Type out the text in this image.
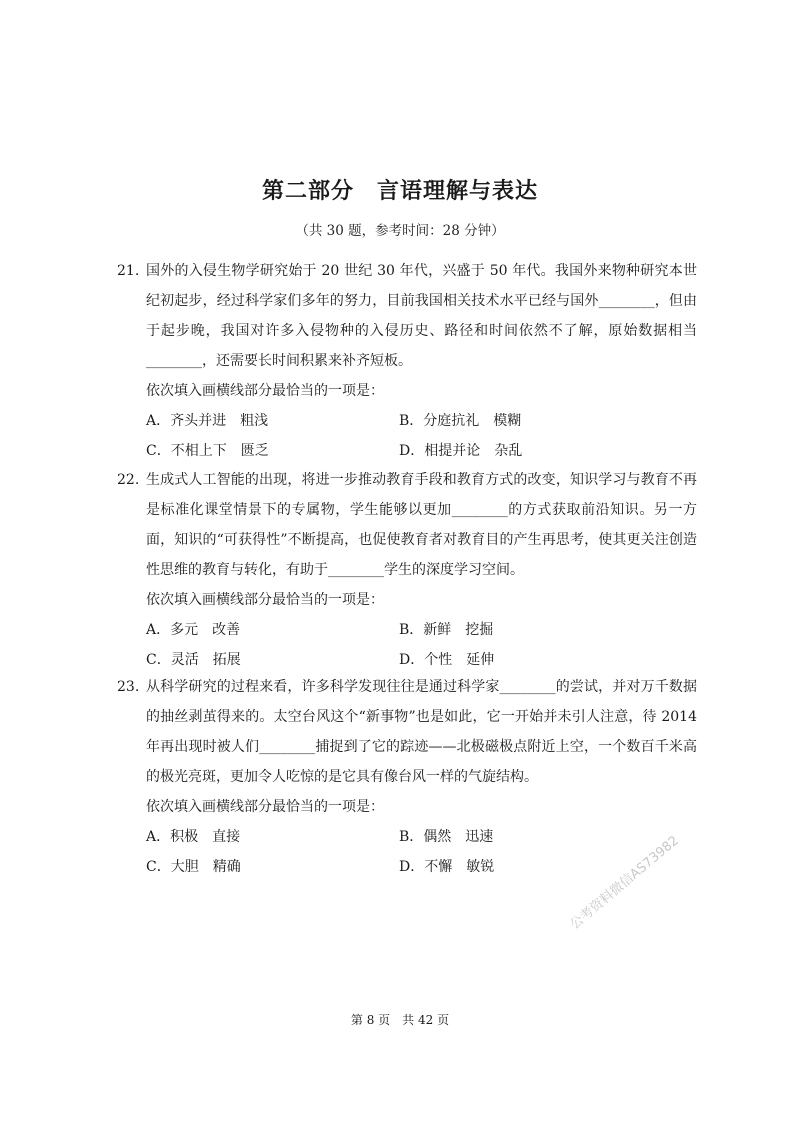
第二部分　言语理解与表达
（共 30 题，参考时间：28 分钟）
21. 国外的入侵生物学研究始于 20 世纪 30 年代，兴盛于 50 年代。我国外来物种研究本世纪初起步，经过科学家们多年的努力，目前我国相关技术水平已经与国外________，但由于起步晚，我国对许多入侵物种的入侵历史、路径和时间依然不了解，原始数据相当________，还需要长时间积累来补齐短板。
依次填入画横线部分最恰当的一项是：
A．齐头并进　粗浅	B．分庭抗礼　模糊
C．不相上下　匮乏	D．相提并论　杂乱
22. 生成式人工智能的出现，将进一步推动教育手段和教育方式的改变，知识学习与教育不再是标准化课堂情景下的专属物，学生能够以更加________的方式获取前沿知识。另一方面，知识的“可获得性”不断提高，也促使教育者对教育目的产生再思考，使其更关注创造性思维的教育与转化，有助于________学生的深度学习空间。
依次填入画横线部分最恰当的一项是：
A．多元　改善	B．新鲜　挖掘
C．灵活　拓展	D．个性　延伸
23. 从科学研究的过程来看，许多科学发现往往是通过科学家________的尝试，并对万千数据的抽丝剥茧得来的。太空台风这个“新事物”也是如此，它一开始并未引人注意，待 2014 年再出现时被人们________捕捉到了它的踪迹——北极磁极点附近上空，一个数百千米高的极光亮斑，更加令人吃惊的是它具有像台风一样的气旋结构。
依次填入画横线部分最恰当的一项是：
A．积极　直接	B．偶然　迅速
C．大胆　精确	D．不懈　敏锐	公考资料微信AS73982
第 8 页　共 42 页
